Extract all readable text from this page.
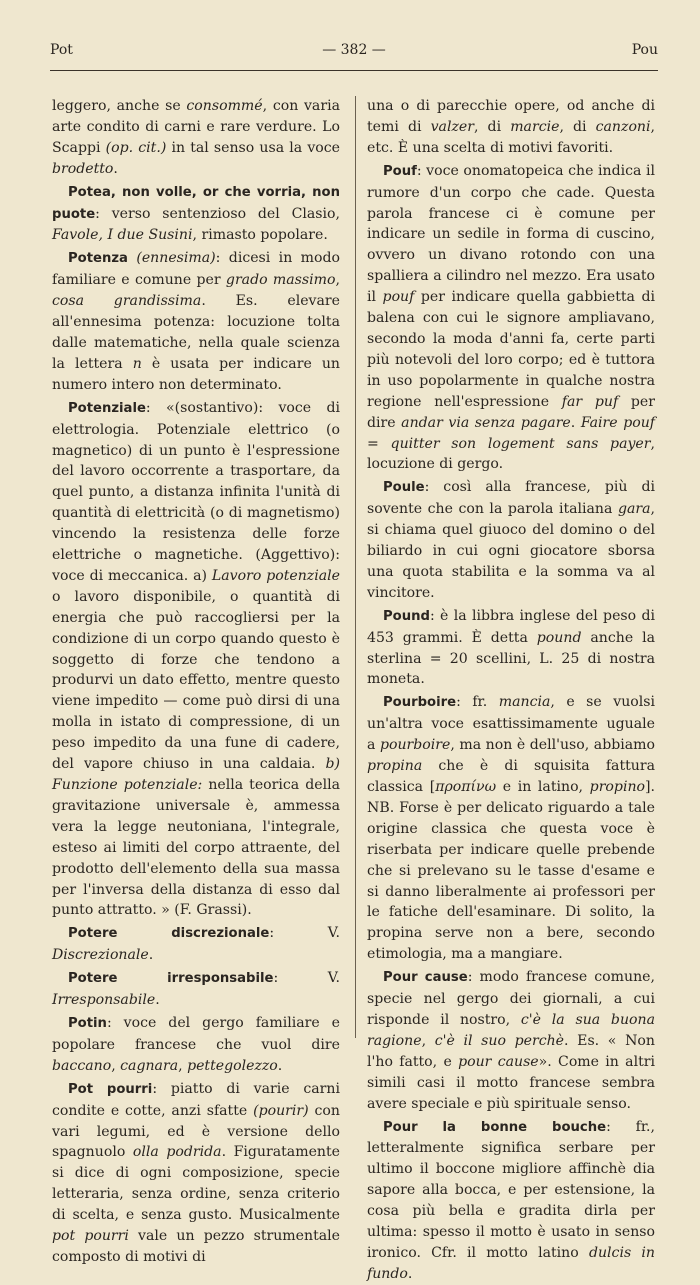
Pot	— 382 —	Pou

leggero, anche se consommé, con varia arte condito di carni e rare verdure. Lo Scappi (op. cit.) in tal senso usa la voce brodetto.

Potea, non volle, or che vorria, non puote: verso sentenzioso del Clasio, Favole, I due Susini, rimasto popolare.

Potenza (ennesima): dicesi in modo familiare e comune per grado massimo, cosa grandissima. Es. elevare all'ennesima potenza: locuzione tolta dalle matematiche, nella quale scienza la lettera n è usata per indicare un numero intero non determinato.

Potenziale: «(sostantivo): voce di elettrologia. Potenziale elettrico (o magnetico) di un punto è l'espressione del lavoro occorrente a trasportare, da quel punto, a distanza infinita l'unità di quantità di elettricità (o di magnetismo) vincendo la resistenza delle forze elettriche o magnetiche. (Aggettivo): voce di meccanica. a) Lavoro potenziale o lavoro disponibile, o quantità di energia che può raccogliersi per la condizione di un corpo quando questo è soggetto di forze che tendono a produrvi un dato effetto, mentre questo viene impedito — come può dirsi di una molla in istato di compressione, di un peso impedito da una fune di cadere, del vapore chiuso in una caldaia. b) Funzione potenziale: nella teorica della gravitazione universale è, ammessa vera la legge neutoniana, l'integrale, esteso ai limiti del corpo attraente, del prodotto dell'elemento della sua massa per l'inversa della distanza di esso dal punto attratto. » (F. Grassi).

Potere discrezionale: V. Discrezionale.

Potere irresponsabile: V. Irresponsabile.

Potin: voce del gergo familiare e popolare francese che vuol dire baccano, cagnara, pettegolezzo.

Pot pourri: piatto di varie carni condite e cotte, anzi sfatte (pourir) con vari legumi, ed è versione dello spagnuolo olla podrida. Figuratamente si dice di ogni composizione, specie letteraria, senza ordine, senza criterio di scelta, e senza gusto. Musicalmente pot pourri vale un pezzo strumentale composto di motivi di

una o di parecchie opere, od anche di temi di valzer, di marcie, di canzoni, etc. È una scelta di motivi favoriti.

Pouf: voce onomatopeica che indica il rumore d'un corpo che cade. Questa parola francese ci è comune per indicare un sedile in forma di cuscino, ovvero un divano rotondo con una spalliera a cilindro nel mezzo. Era usato il pouf per indicare quella gabbietta di balena con cui le signore ampliavano, secondo la moda d'anni fa, certe parti più notevoli del loro corpo; ed è tuttora in uso popolarmente in qualche nostra regione nell'espressione far puf per dire andar via senza pagare. Faire pouf = quitter son logement sans payer, locuzione di gergo.

Poule: così alla francese, più di sovente che con la parola italiana gara, si chiama quel giuoco del domino o del biliardo in cui ogni giocatore sborsa una quota stabilita e la somma va al vincitore.

Pound: è la libbra inglese del peso di 453 grammi. È detta pound anche la sterlina = 20 scellini, L. 25 di nostra moneta.

Pourboire: fr. mancia, e se vuolsi un'altra voce esattissimamente uguale a pourboire, ma non è dell'uso, abbiamo propina che è di squisita fattura classica [προπίνω e in latino, propino]. NB. Forse è per delicato riguardo a tale origine classica che questa voce è riserbata per indicare quelle prebende che si prelevano su le tasse d'esame e si danno liberalmente ai professori per le fatiche dell'esaminare. Di solito, la propina serve non a bere, secondo etimologia, ma a mangiare.

Pour cause: modo francese comune, specie nel gergo dei giornali, a cui risponde il nostro, c'è la sua buona ragione, c'è il suo perchè. Es. « Non l'ho fatto, e pour cause». Come in altri simili casi il motto francese sembra avere speciale e più spirituale senso.

Pour la bonne bouche: fr., letteralmente significa serbare per ultimo il boccone migliore affinchè dia sapore alla bocca, e per estensione, la cosa più bella e gradita dirla per ultima: spesso il motto è usato in senso ironico. Cfr. il motto latino dulcis in fundo.
